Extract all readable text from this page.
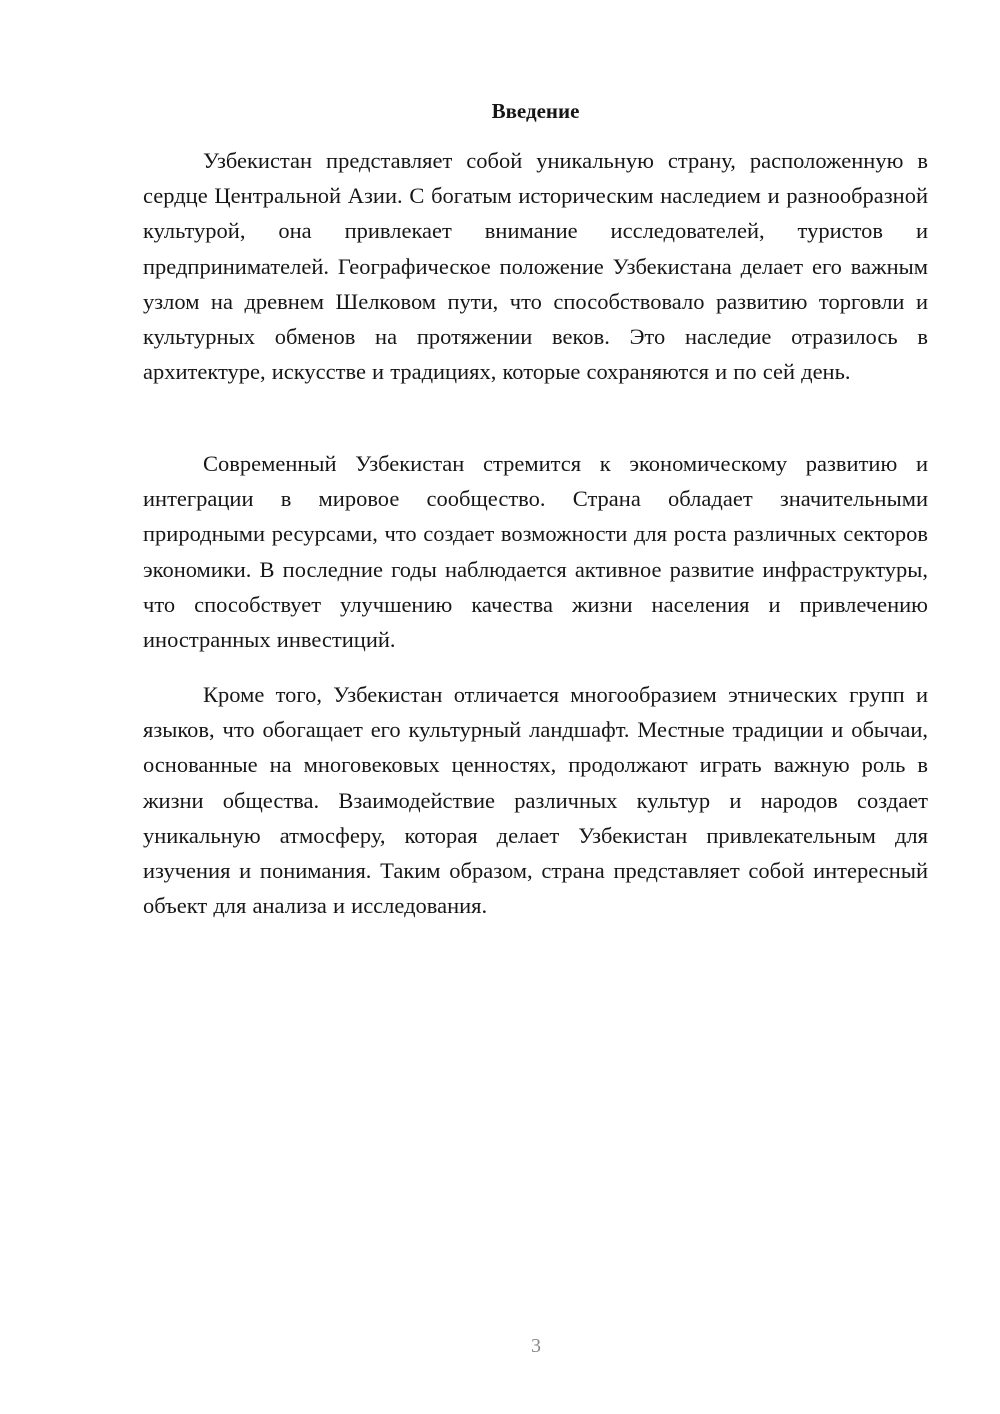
Введение

Узбекистан представляет собой уникальную страну, расположенную в сердце Центральной Азии. С богатым историческим наследием и разнообразной культурой, она привлекает внимание исследователей, туристов и предпринимателей. Географическое положение Узбекистана делает его важным узлом на древнем Шелковом пути, что способствовало развитию торговли и культурных обменов на протяжении веков. Это наследие отразилось в архитектуре, искусстве и традициях, которые сохраняются и по сей день.

Современный Узбекистан стремится к экономическому развитию и интеграции в мировое сообщество. Страна обладает значительными природными ресурсами, что создает возможности для роста различных секторов экономики. В последние годы наблюдается активное развитие инфраструктуры, что способствует улучшению качества жизни населения и привлечению иностранных инвестиций.

Кроме того, Узбекистан отличается многообразием этнических групп и языков, что обогащает его культурный ландшафт. Местные традиции и обычаи, основанные на многовековых ценностях, продолжают играть важную роль в жизни общества. Взаимодействие различных культур и народов создает уникальную атмосферу, которая делает Узбекистан привлекательным для изучения и понимания. Таким образом, страна представляет собой интересный объект для анализа и исследования.

3
